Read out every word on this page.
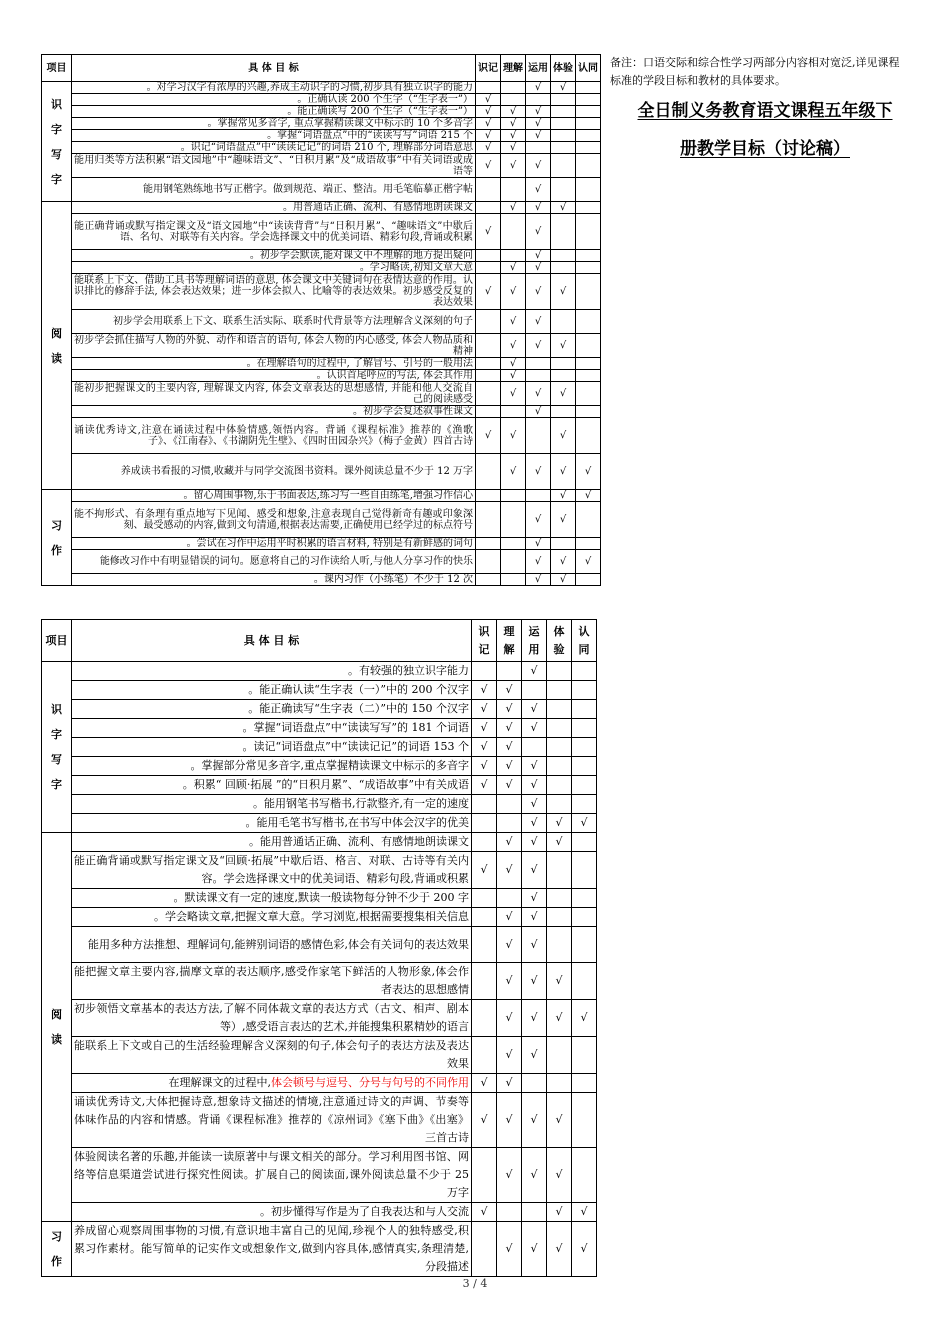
备注：口语交际和综合性学习两部分内容相对宽泛,详见课程标准的学段目标和教材的具体要求。
全日制义务教育语文课程五年级下
册教学目标（讨论稿）
项目	具 体 目 标	识记	理解	运用	体验	认同

识
字
写
字	。对学习汉字有浓厚的兴趣,养成主动识字的习惯,初步具有独立识字的能力			√	√	
	。正确认读 200 个生字（“生字表一”）	√				
	。能正确读写 200 个生字（“生字表一”）	√	√	√		
	。掌握常见多音字, 重点掌握精读课文中标示的 10 个多音字	√	√	√		
	。掌握“词语盘点”中的“读读写写”词语 215 个	√	√	√		
	。识记“词语盘点”中“读读记记”的词语 210 个, 理解部分词语意思	√	√			
	能用归类等方法积累“语文园地”中“趣味语文”、“日积月累”及“成语故事”中有关词语或成语等	√	√	√		
	能用钢笔熟练地书写正楷字。做到规范、端正、整洁。用毛笔临摹正楷字帖			√		

阅
读	。用普通话正确、流利、有感情地朗读课文		√	√	√	
	能正确背诵或默写指定课文及“语文园地”中“读读背背”与“日积月累”、“趣味语文”中歇后语、名句、对联等有关内容。学会选择课文中的优美词语、精彩句段,背诵或积累	√		√		
	。初步学会默读,能对课文中不理解的地方提出疑问			√		
	。学习略读,初知文章大意		√	√		
	能联系上下文、借助工具书等理解词语的意思, 体会课文中关键词句在表情达意的作用。认识排比的修辞手法, 体会表达效果；进一步体会拟人、比喻等的表达效果。初步感受反复的表达效果	√	√	√	√	
	初步学会用联系上下文、联系生活实际、联系时代背景等方法理解含义深刻的句子		√	√		
	初步学会抓住描写人物的外貌、动作和语言的语句, 体会人物的内心感受, 体会人物品质和精神		√	√	√	
	。在理解语句的过程中, 了解冒号、引号的一般用法		√			
	。认识首尾呼应的写法, 体会其作用		√			
	能初步把握课文的主要内容, 理解课文内容, 体会文章表达的思想感情, 并能和他人交流自己的阅读感受		√	√	√	
	。初步学会复述叙事性课文			√		
	诵读优秀诗文,注意在诵读过程中体验情感,领悟内容。背诵《课程标准》推荐的《渔歌子》、《江南春》、《书湖阴先生壁》、《四时田园杂兴》（梅子金黄）四首古诗	√	√		√	
	养成读书看报的习惯,收藏并与同学交流图书资料。课外阅读总量不少于 12 万字		√	√	√	√

习
作	。留心周围事物,乐于书面表达,练习写一些自由练笔,增强习作信心				√	√
	能不拘形式、有条理有重点地写下见闻、感受和想象,注意表现自己觉得新奇有趣或印象深刻、最受感动的内容,做到文句清通,根据表达需要,正确使用已经学过的标点符号			√	√	
	。尝试在习作中运用平时积累的语言材料, 特别是有新鲜感的词句			√		
	能修改习作中有明显错误的词句。愿意将自己的习作读给人听,与他人分享习作的快乐			√	√	√
	。课内习作（小练笔）不少于 12 次			√	√	
项目	具 体 目 标	识记	理解	运用	体验	认同

识
字
写
字	。有较强的独立识字能力			√		
	。能正确认读“生字表（一）”中的 200 个汉字	√	√			
	。能正确读写“生字表（二）”中的 150 个汉字	√	√	√		
	。掌握“词语盘点”中“读读写写”的 181 个词语	√	√	√		
	。读记“词语盘点”中“读读记记”的词语 153 个	√	√			
	。掌握部分常见多音字,重点掌握精读课文中标示的多音字	√	√	√		
	。积累“ 回顾·拓展 ”的“日积月累”、“成语故事”中有关成语	√	√	√		
	。能用钢笔书写楷书,行款整齐,有一定的速度			√		
	。能用毛笔书写楷书,在书写中体会汉字的优美			√	√	√

阅
读	。能用普通话正确、流利、有感情地朗读课文		√	√	√	
	能正确背诵或默写指定课文及“回顾·拓展”中歇后语、格言、对联、古诗等有关内容。学会选择课文中的优美词语、精彩句段,背诵或积累	√	√	√		
	。默读课文有一定的速度,默读一般读物每分钟不少于 200 字			√		
	。学会略读文章,把握文章大意。学习浏览,根据需要搜集相关信息		√	√		
	能用多种方法推想、理解词句,能辨别词语的感情色彩,体会有关词句的表达效果		√	√		
	能把握文章主要内容,揣摩文章的表达顺序,感受作家笔下鲜活的人物形象,体会作者表达的思想感情		√	√	√	
	初步领悟文章基本的表达方法,了解不同体裁文章的表达方式（古文、相声、剧本等）,感受语言表达的艺术,并能搜集积累精妙的语言		√	√	√	√
	能联系上下文或自己的生活经验理解含义深刻的句子,体会句子的表达方法及表达效果		√	√		
	在理解课文的过程中,体会顿号与逗号、分号与句号的不同作用	√	√			
	诵读优秀诗文,大体把握诗意,想象诗文描述的情境,注意通过诗文的声调、节奏等体味作品的内容和情感。背诵《课程标准》推荐的《凉州词》《塞下曲》《出塞》三首古诗	√	√	√	√	
	体验阅读名著的乐趣,并能读一读原著中与课文相关的部分。学习利用图书馆、网络等信息渠道尝试进行探究性阅读。扩展自己的阅读面,课外阅读总量不少于 25 万字		√	√	√	
	。初步懂得写作是为了自我表达和与人交流	√			√	√

习
作	养成留心观察周围事物的习惯,有意识地丰富自己的见闻,珍视个人的独特感受,积累习作素材。能写简单的记实作文或想象作文,做到内容具体,感情真实,条理清楚,分段描述		√	√	√	√
3 / 4
